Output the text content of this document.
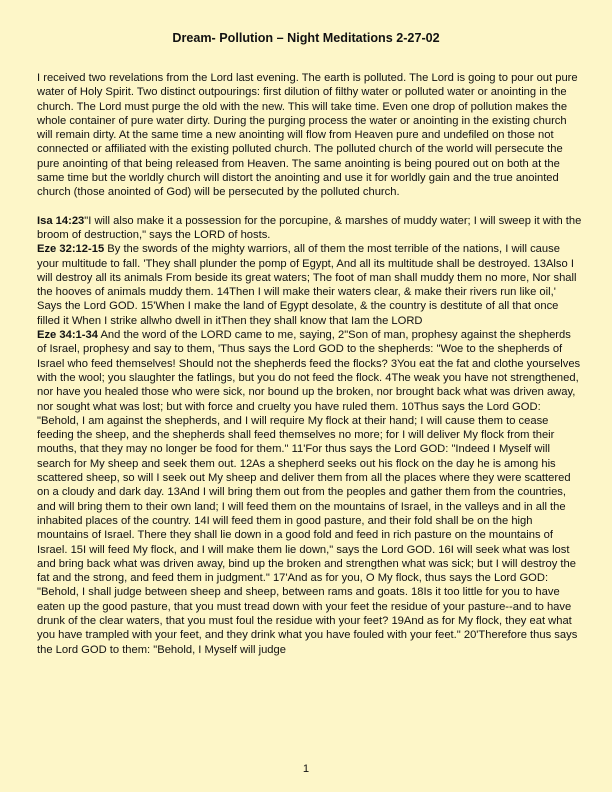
Dream- Pollution – Night Meditations 2-27-02

I received two revelations from the Lord last evening. The earth is polluted. The Lord is going to pour out pure water of Holy Spirit. Two distinct outpourings: first dilution of filthy water or polluted water or anointing in the church. The Lord must purge the old with the new. This will take time. Even one drop of pollution makes the whole container of pure water dirty. During the purging process the water or anointing in the existing church will remain dirty. At the same time a new anointing will flow from Heaven pure and undefiled on those not connected or affiliated with the existing polluted church. The polluted church of the world will persecute the pure anointing of that being released from Heaven. The same anointing is being poured out on both at the same time but the worldly church will distort the anointing and use it for worldly gain and the true anointed church (those anointed of God) will be persecuted by the polluted church.

Isa 14:23"I will also make it a possession for the porcupine, & marshes of muddy water; I will sweep it with the broom of destruction," says the LORD of hosts.

Eze 32:12-15 By the swords of the mighty warriors, all of them the most terrible of the nations, I will cause your multitude to fall. 'They shall plunder the pomp of Egypt, And all its multitude shall be destroyed. 13Also I will destroy all its animals From beside its great waters; The foot of man shall muddy them no more, Nor shall the hooves of animals muddy them. 14Then I will make their waters clear, & make their rivers run like oil,' Says the Lord GOD. 15'When I make the land of Egypt desolate, & the country is destitute of all that once filled it When I strike allwho dwell in itThen they shall know that Iam the LORD

Eze 34:1-34 And the word of the LORD came to me, saying, 2"Son of man, prophesy against the shepherds of Israel, prophesy and say to them, 'Thus says the Lord GOD to the shepherds: "Woe to the shepherds of Israel who feed themselves! Should not the shepherds feed the flocks? 3You eat the fat and clothe yourselves with the wool; you slaughter the fatlings, but you do not feed the flock. 4The weak you have not strengthened, nor have you healed those who were sick, nor bound up the broken, nor brought back what was driven away, nor sought what was lost; but with force and cruelty you have ruled them. 10Thus says the Lord GOD: "Behold, I am against the shepherds, and I will require My flock at their hand; I will cause them to cease feeding the sheep, and the shepherds shall feed themselves no more; for I will deliver My flock from their mouths, that they may no longer be food for them." 11'For thus says the Lord GOD: "Indeed I Myself will search for My sheep and seek them out. 12As a shepherd seeks out his flock on the day he is among his scattered sheep, so will I seek out My sheep and deliver them from all the places where they were scattered on a cloudy and dark day. 13And I will bring them out from the peoples and gather them from the countries, and will bring them to their own land; I will feed them on the mountains of Israel, in the valleys and in all the inhabited places of the country. 14I will feed them in good pasture, and their fold shall be on the high mountains of Israel. There they shall lie down in a good fold and feed in rich pasture on the mountains of Israel. 15I will feed My flock, and I will make them lie down," says the Lord GOD. 16I will seek what was lost and bring back what was driven away, bind up the broken and strengthen what was sick; but I will destroy the fat and the strong, and feed them in judgment." 17'And as for you, O My flock, thus says the Lord GOD: "Behold, I shall judge between sheep and sheep, between rams and goats. 18Is it too little for you to have eaten up the good pasture, that you must tread down with your feet the residue of your pasture--and to have drunk of the clear waters, that you must foul the residue with your feet? 19And as for My flock, they eat what you have trampled with your feet, and they drink what you have fouled with your feet." 20'Therefore thus says the Lord GOD to them: "Behold, I Myself will judge

1
